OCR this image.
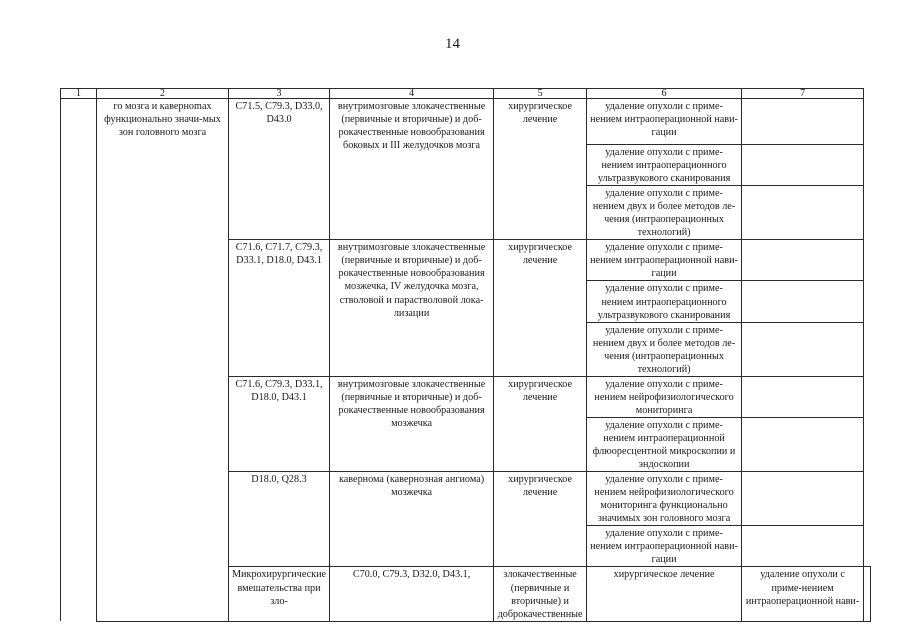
14
1	2	3	4	5	6	7	
	го мозга и кавернomах функционально значи-мых зон головного мозга	C71.5, C79.3, D33.0, D43.0	внутримозговые злокачественные (первичные и вторичные) и доб-рокачественные новообразования боковых и III желудочков мозга	хирургическое лечение	удаление опухоли с приме-нением интраоперационной нави-гации		
					удаление опухоли с приме-нением интраоперационного ультразвукового сканирования		
					удаление опухоли с приме-нением двух и более методов ле-чения (интраоперационных технологий)		
		C71.6, C71.7, C79.3, D33.1, D18.0, D43.1	внутримозговые злокачественные (первичные и вторичные) и доб-рокачественные новообразования мозжечка, IV желудочка мозга, стволовой и парастволовой лока-лизации	хирургическое лечение	удаление опухоли с приме-нением интраоперационной нави-гации		
					удаление опухоли с приме-нением интраоперационного ультразвукового сканирования		
					удаление опухоли с приме-нением двух и более методов ле-чения (интраоперационных технологий)		
		C71.6, C79.3, D33.1, D18.0, D43.1	внутримозговые злокачественные (первичные и вторичные) и доб-рокачественные новообразования мозжечка	хирургическое лечение	удаление опухоли с приме-нением нейрофизиологического мониторинга		
					удаление опухоли с приме-нением интраоперационной флюоресцентной микроскопии и эндоскопии		
		D18.0, Q28.3	кавернома (кавернозная ангиома) мозжечка	хирургическое лечение	удаление опухоли с приме-нением нейрофизиологического мониторинга функционально значимых зон головного мозга		
					удаление опухоли с приме-нением интраоперационной нави-гации		
		Микрохирургические вмешательства при зло-	C70.0, C79.3, D32.0, D43.1,	злокачественные (первичные и вторичные) и доброкачественные	хирургическое лечение	удаление опухоли с приме-нением интраоперационной нави-	
